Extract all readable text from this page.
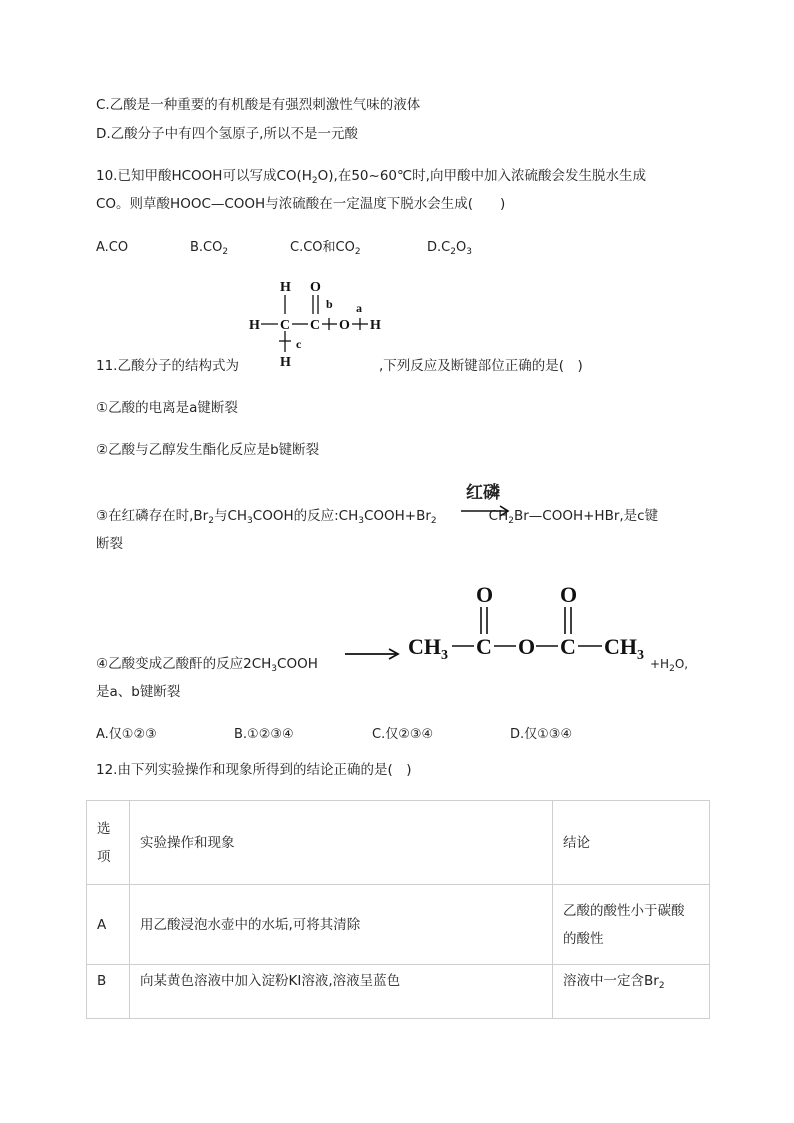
C.乙酸是一种重要的有机酸是有强烈刺激性气味的液体
D.乙酸分子中有四个氢原子,所以不是一元酸
10.已知甲酸HCOOH可以写成$CO(H_2O)$,在50~60℃时,向甲酸中加入浓硫酸会发生脱水生成
CO。则草酸HOOC—COOH与浓硫酸在一定温度下脱水会生成(　　)
A.CO	$B.CO_2$	C.CO和$CO_2$	$D.C_2O_3$
H O
H C C O H
H
b a
c
11.乙酸分子的结构式为	,下列反应及断键部位正确的是(　)
①乙酸的电离是a键断裂
②乙酸与乙醇发生酯化反应是b键断裂
③在红磷存在时$,Br_2$与$CH_3COOH$的反应$:CH_3COOH+Br_2$	$CH_2Br—COOH+HBr$,是c键
红磷
断裂
O	O
$CH_3$ C O C $CH_3$
④乙酸变成乙酸酐的反应$2CH_3COOH$	$+H_2O$,
是a、b键断裂
A.仅①②③	B.①②③④	C.仅②③④	D.仅①③④
12.由下列实验操作和现象所得到的结论正确的是(　)
选
项	实验操作和现象	结论
A	用乙酸浸泡水壶中的水垢,可将其清除	乙酸的酸性小于碳酸
的酸性

B	向某黄色溶液中加入淀粉KI溶液,溶液呈蓝色	溶液中一定含$Br_2$
